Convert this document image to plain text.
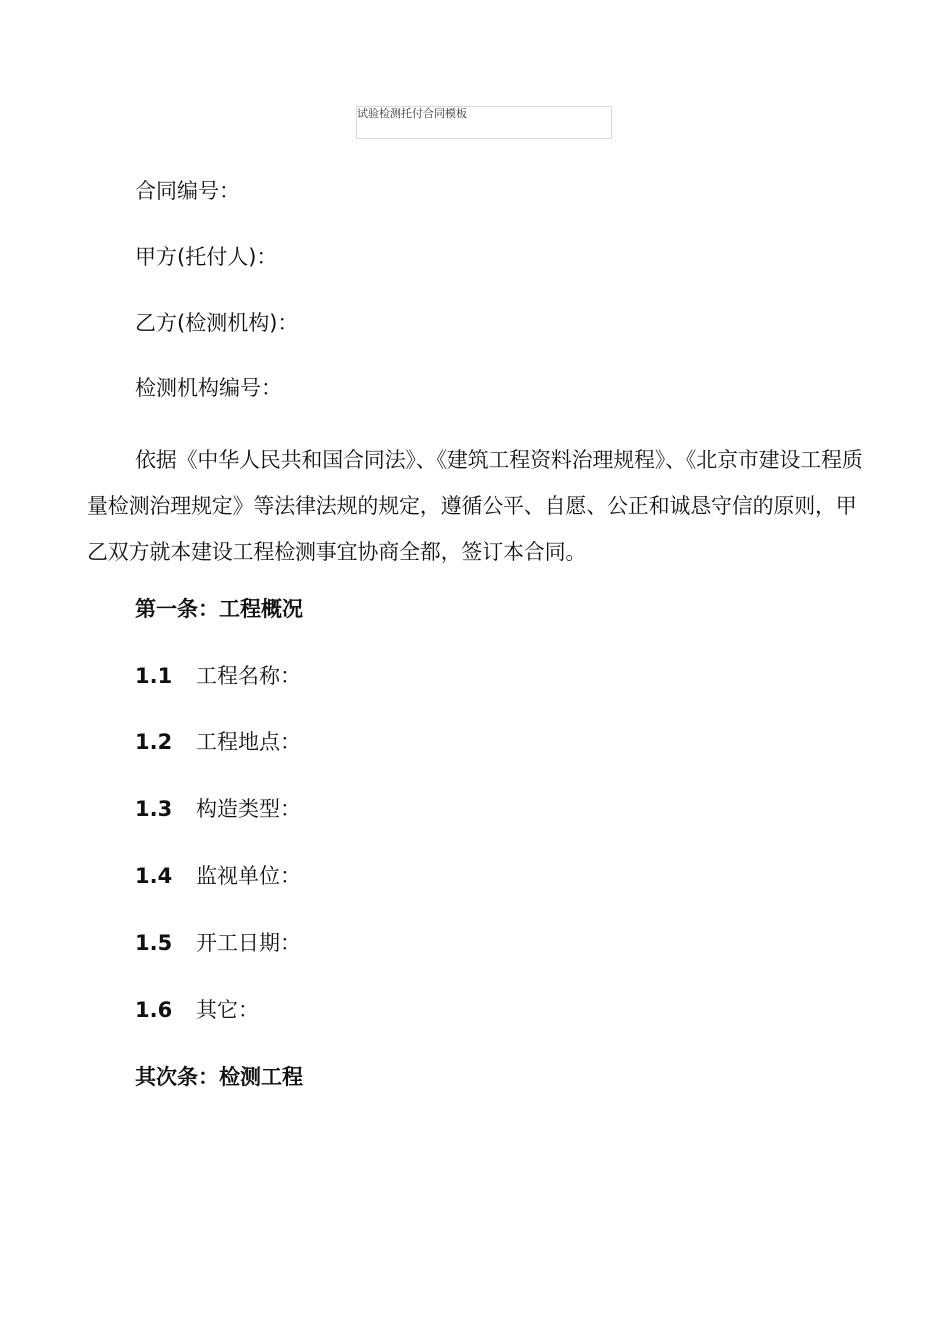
试验检测托付合同模板
合同编号：
甲方(托付人)：
乙方(检测机构)：
检测机构编号：
依据《中华人民共和国合同法》、《建筑工程资料治理规程》、《北京市建设工程质量检测治理规定》等法律法规的规定，遵循公平、自愿、公正和诚恳守信的原则，甲乙双方就本建设工程检测事宜协商全都，签订本合同。
第一条：工程概况
1.1 工程名称：
1.2 工程地点：
1.3 构造类型：
1.4 监视单位：
1.5 开工日期：
1.6 其它：
其次条：检测工程
